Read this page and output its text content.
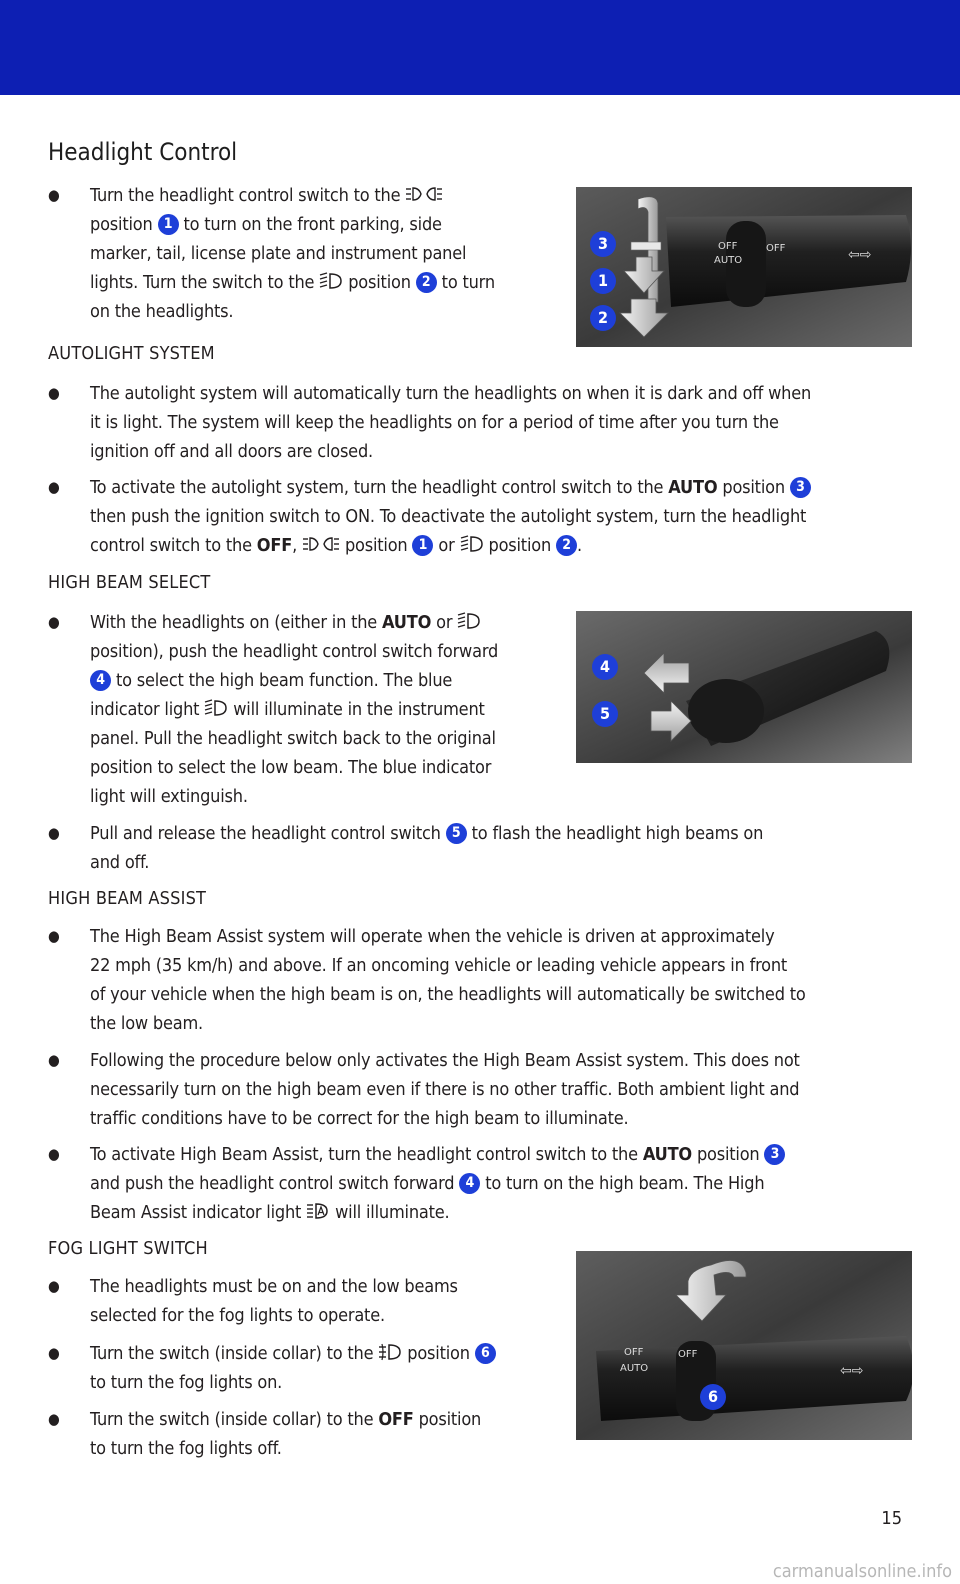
Headlight Control
● Turn the headlight control switch to the
position 1 to turn on the front parking, side
marker, tail, license plate and instrument panel
lights. Turn the switch to the position 2 to turn
on the headlights.
OFF	OFF
AUTO	⇦⇨
3
1
2
AUTOLIGHT SYSTEM
● The autolight system will automatically turn the headlights on when it is dark and off when
it is light. The system will keep the headlights on for a period of time after you turn the
ignition off and all doors are closed.
● To activate the autolight system, turn the headlight control switch to the AUTO position 3
then push the ignition switch to ON. To deactivate the autolight system, turn the headlight
control switch to the OFF,	position 1 or position 2 .
HIGH BEAM SELECT
● With the headlights on (either in the AUTO or
position), push the headlight control switch forward
4 to select the high beam function. The blue
indicator light will illuminate in the instrument
panel. Pull the headlight switch back to the original
position to select the low beam. The blue indicator
light will extinguish.
4
5
● Pull and release the headlight control switch 5 to flash the headlight high beams on
and off.
HIGH BEAM ASSIST
● The High Beam Assist system will operate when the vehicle is driven at approximately
22 mph (35 km/h) and above. If an oncoming vehicle or leading vehicle appears in front
of your vehicle when the high beam is on, the headlights will automatically be switched to
the low beam.
● Following the procedure below only activates the High Beam Assist system. This does not
necessarily turn on the high beam even if there is no other traffic. Both ambient light and
traffic conditions have to be correct for the high beam to illuminate.
● To activate High Beam Assist, turn the headlight control switch to the AUTO position 3
and push the headlight control switch forward 4 to turn on the high beam. The High
Beam Assist indicator light will illuminate.
FOG LIGHT SWITCH
● The headlights must be on and the low beams
selected for the fog lights to operate.
● Turn the switch (inside collar) to the position 6
to turn the fog lights on.
● Turn the switch (inside collar) to the OFF position
to turn the fog lights off.
OFF	OFF
AUTO	⇦⇨
6
15
carmanualsonline.info
